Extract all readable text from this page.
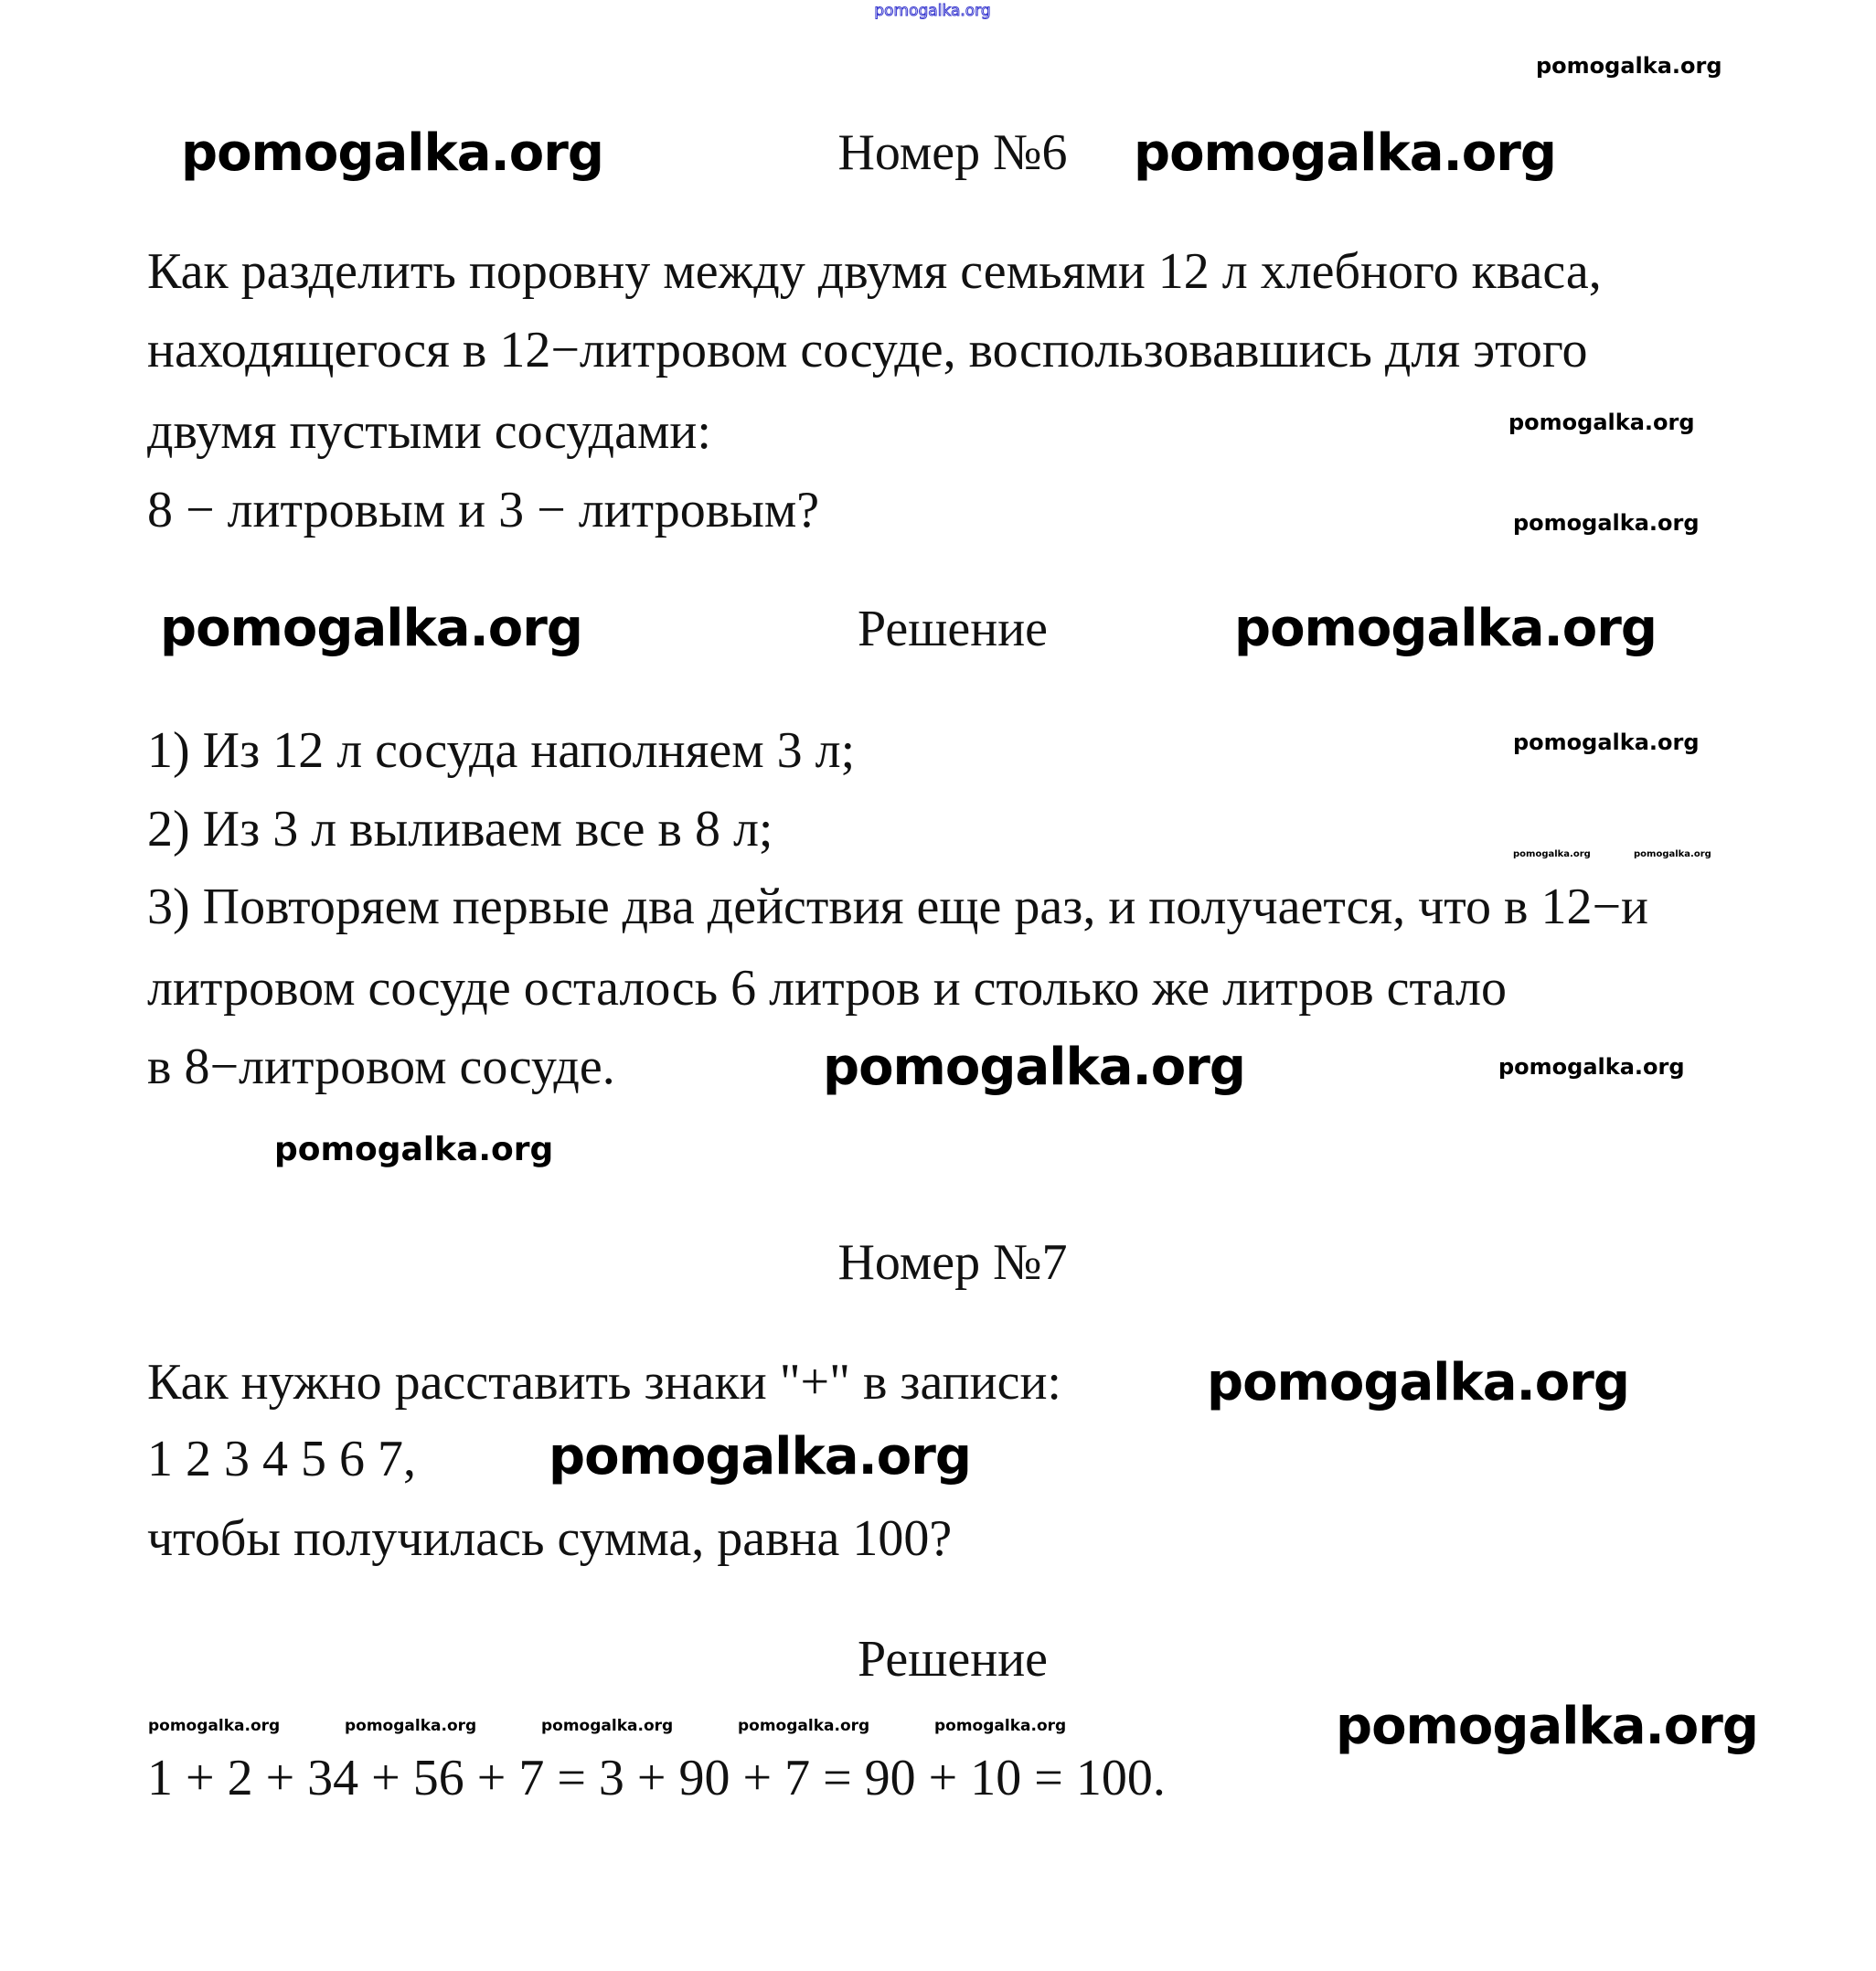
pomogalka.org
Номер №6
Как разделить поровну между двумя семьями 12 л хлебного кваса,
находящегося в 12−литровом сосуде, воспользовавшись для этого
двумя пустыми сосудами:
8 − литровым и 3 − литровым?
Решение
1) Из 12 л сосуда наполняем 3 л;
2) Из 3 л выливаем все в 8 л;
3) Повторяем первые два действия еще раз, и получается, что в 12−и
литровом сосуде осталось 6 литров и столько же литров стало
в 8−литровом сосуде.
Номер №7
Как нужно расставить знаки "+" в записи:
1 2 3 4 5 6 7,
чтобы получилась сумма, равна 100?
Решение
1 + 2 + 34 + 56 + 7 = 3 + 90 + 7 = 90 + 10 = 100.
pomogalka.org	pomogalka.org
pomogalka.org	pomogalka.org
pomogalka.org
pomogalka.org
pomogalka.org
pomogalka.org
pomogalka.org
pomogalka.org
pomogalka.org
pomogalka.org
pomogalka.org
pomogalka.org
pomogalka.org	pomogalka.org
pomogalka.org	pomogalka.org	pomogalka.org	pomogalka.org	pomogalka.org
